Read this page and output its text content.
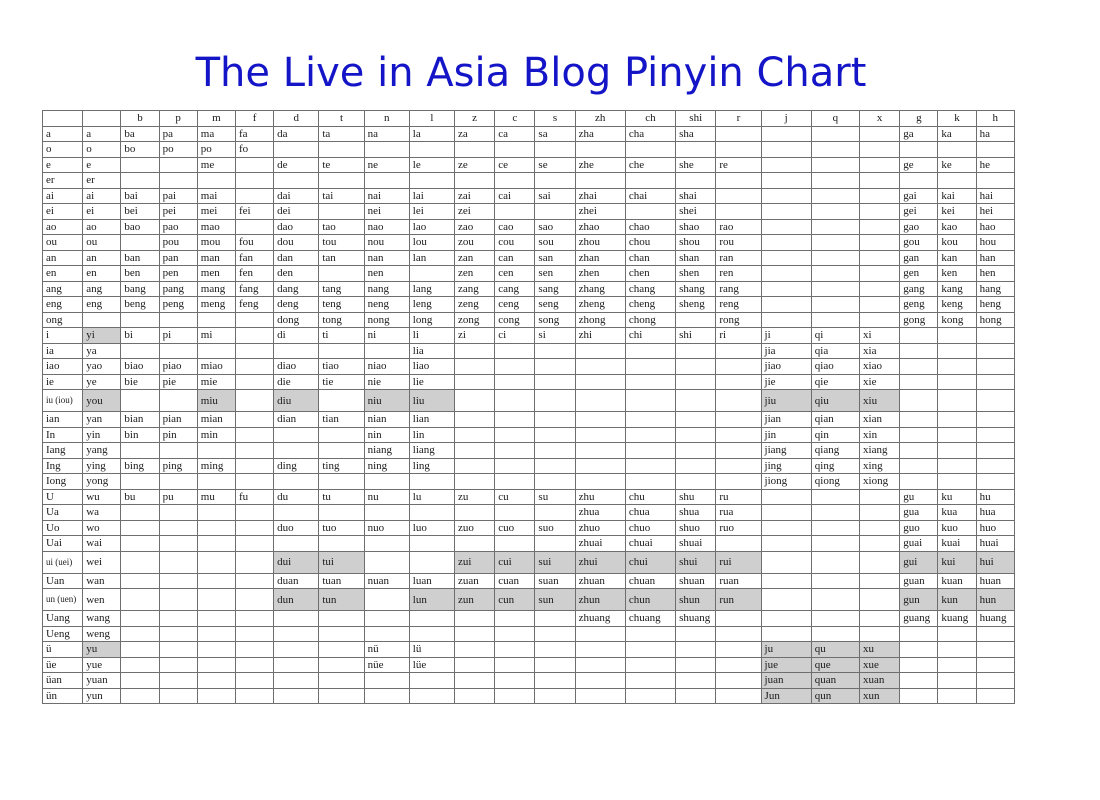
The Live in Asia Blog Pinyin Chart
		b	p	m	f	d	t	n	l	z	c	s	zh	ch	shi	r	j	q	x	g	k	h
a	a	ba	pa	ma	fa	da	ta	na	la	za	ca	sa	zha	cha	sha					ga	ka	ha
o	o	bo	po	po	fo																	
e	e			me		de	te	ne	le	ze	ce	se	zhe	che	she	re				ge	ke	he
er	er																					
ai	ai	bai	pai	mai		dai	tai	nai	lai	zai	cai	sai	zhai	chai	shai					gai	kai	hai
ei	ei	bei	pei	mei	fei	dei		nei	lei	zei			zhei		shei					gei	kei	hei
ao	ao	bao	pao	mao		dao	tao	nao	lao	zao	cao	sao	zhao	chao	shao	rao				gao	kao	hao
ou	ou		pou	mou	fou	dou	tou	nou	lou	zou	cou	sou	zhou	chou	shou	rou				gou	kou	hou
an	an	ban	pan	man	fan	dan	tan	nan	lan	zan	can	san	zhan	chan	shan	ran				gan	kan	han
en	en	ben	pen	men	fen	den		nen		zen	cen	sen	zhen	chen	shen	ren				gen	ken	hen
ang	ang	bang	pang	mang	fang	dang	tang	nang	lang	zang	cang	sang	zhang	chang	shang	rang				gang	kang	hang
eng	eng	beng	peng	meng	feng	deng	teng	neng	leng	zeng	ceng	seng	zheng	cheng	sheng	reng				geng	keng	heng
ong						dong	tong	nong	long	zong	cong	song	zhong	chong		rong				gong	kong	hong
i	yi	bi	pi	mi		di	ti	ni	li	zi	ci	si	zhi	chi	shi	ri	ji	qi	xi			
ia	ya								lia								jia	qia	xia			
iao	yao	biao	piao	miao		diao	tiao	niao	liao								jiao	qiao	xiao			
ie	ye	bie	pie	mie		die	tie	nie	lie								jie	qie	xie			
iu (iou)	you			miu		diu		niu	liu								jiu	qiu	xiu			
ian	yan	bian	pian	mian		dian	tian	nian	lian								jian	qian	xian			
In	yin	bin	pin	min				nin	lin								jin	qin	xin			
Iang	yang							niang	liang								jiang	qiang	xiang			
Ing	ying	bing	ping	ming		ding	ting	ning	ling								jing	qing	xing			
Iong	yong																jiong	qiong	xiong			
U	wu	bu	pu	mu	fu	du	tu	nu	lu	zu	cu	su	zhu	chu	shu	ru				gu	ku	hu
Ua	wa												zhua	chua	shua	rua				gua	kua	hua
Uo	wo					duo	tuo	nuo	luo	zuo	cuo	suo	zhuo	chuo	shuo	ruo				guo	kuo	huo
Uai	wai												zhuai	chuai	shuai					guai	kuai	huai
ui (uei)	wei					dui	tui			zui	cui	sui	zhui	chui	shui	rui				gui	kui	hui
Uan	wan					duan	tuan	nuan	luan	zuan	cuan	suan	zhuan	chuan	shuan	ruan				guan	kuan	huan
un (uen)	wen					dun	tun		lun	zun	cun	sun	zhun	chun	shun	run				gun	kun	hun
Uang	wang												zhuang	chuang	shuang					guang	kuang	huang
Ueng	weng																					
ü	yu							nü	lü								ju	qu	xu			
üe	yue							nüe	lüe								jue	que	xue			
üan	yuan																juan	quan	xuan			
ün	yun																Jun	qun	xun			
